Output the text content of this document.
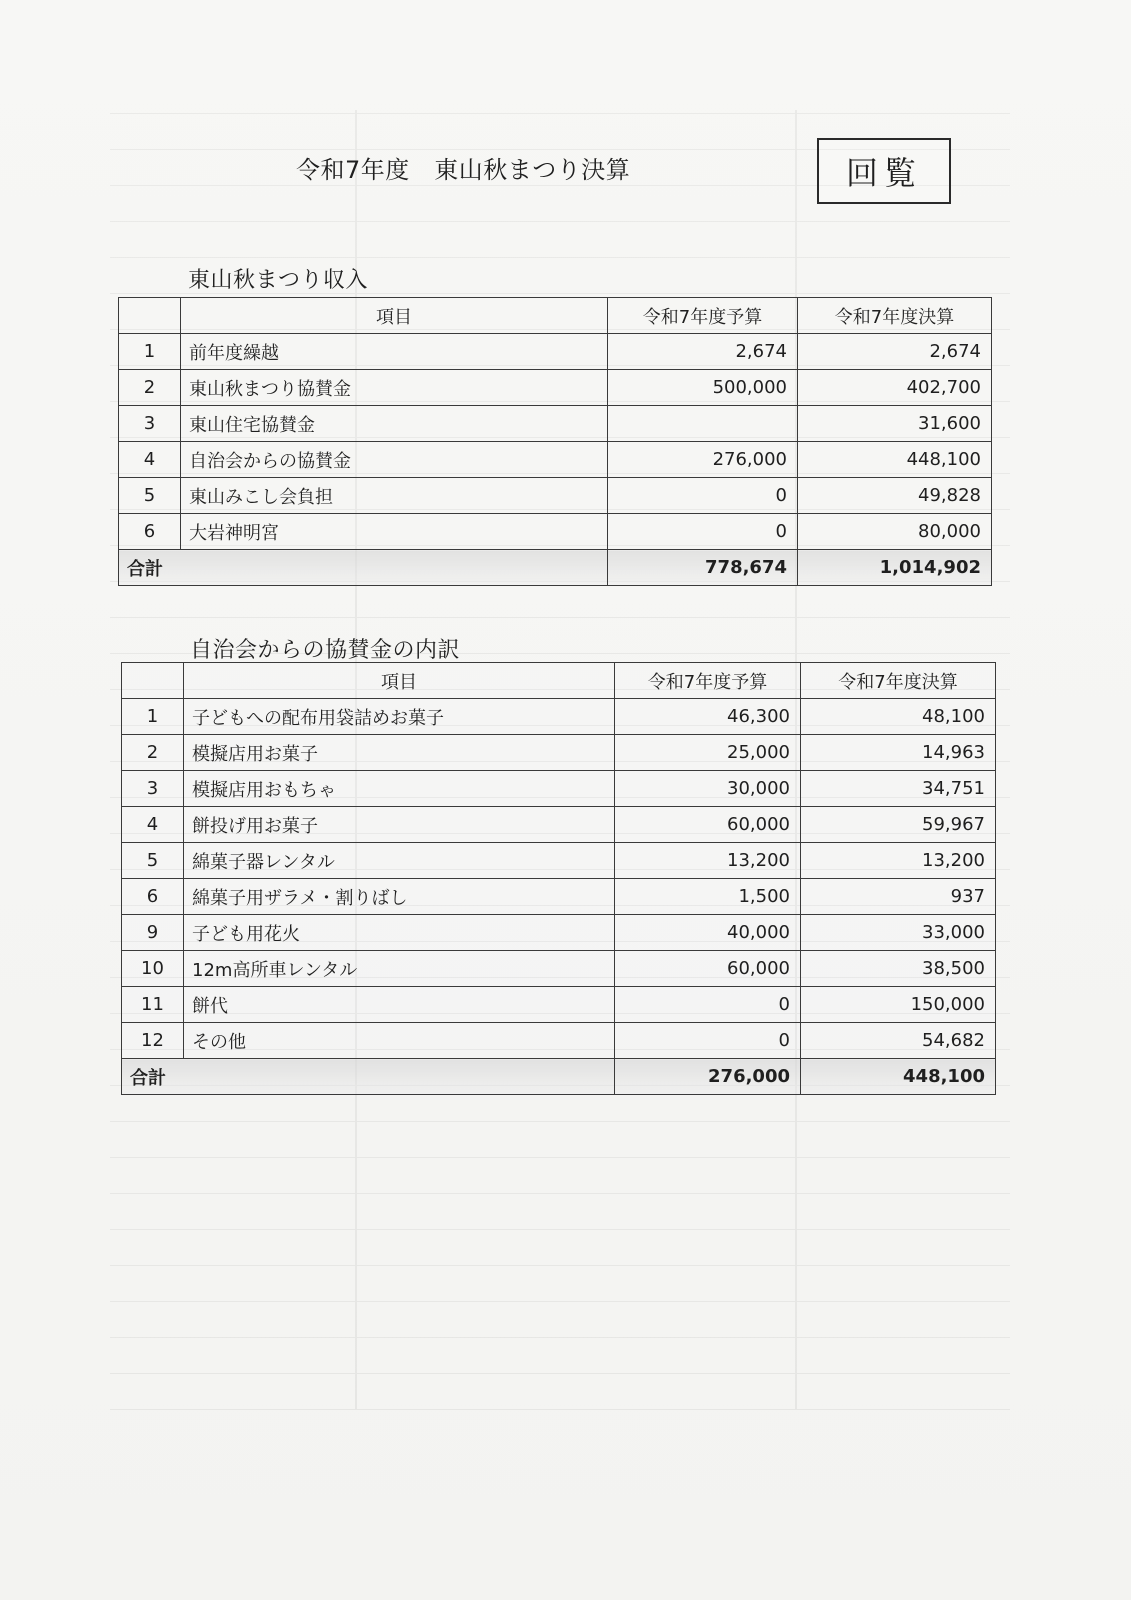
令和7年度　東山秋まつり決算	回覧
東山秋まつり収入
	項目	令和7年度予算	令和7年度決算
1	前年度繰越	2,674	2,674
2	東山秋まつり協賛金	500,000	402,700
3	東山住宅協賛金		31,600
4	自治会からの協賛金	276,000	448,100
5	東山みこし会負担	0	49,828
6	大岩神明宮	0	80,000
合計		778,674	1,014,902
自治会からの協賛金の内訳
	項目	令和7年度予算	令和7年度決算
1	子どもへの配布用袋詰めお菓子	46,300	48,100
2	模擬店用お菓子	25,000	14,963
3	模擬店用おもちゃ	30,000	34,751
4	餅投げ用お菓子	60,000	59,967
5	綿菓子器レンタル	13,200	13,200
6	綿菓子用ザラメ・割りばし	1,500	937
9	子ども用花火	40,000	33,000
10	12m高所車レンタル	60,000	38,500
11	餅代	0	150,000
12	その他	0	54,682
合計		276,000	448,100
